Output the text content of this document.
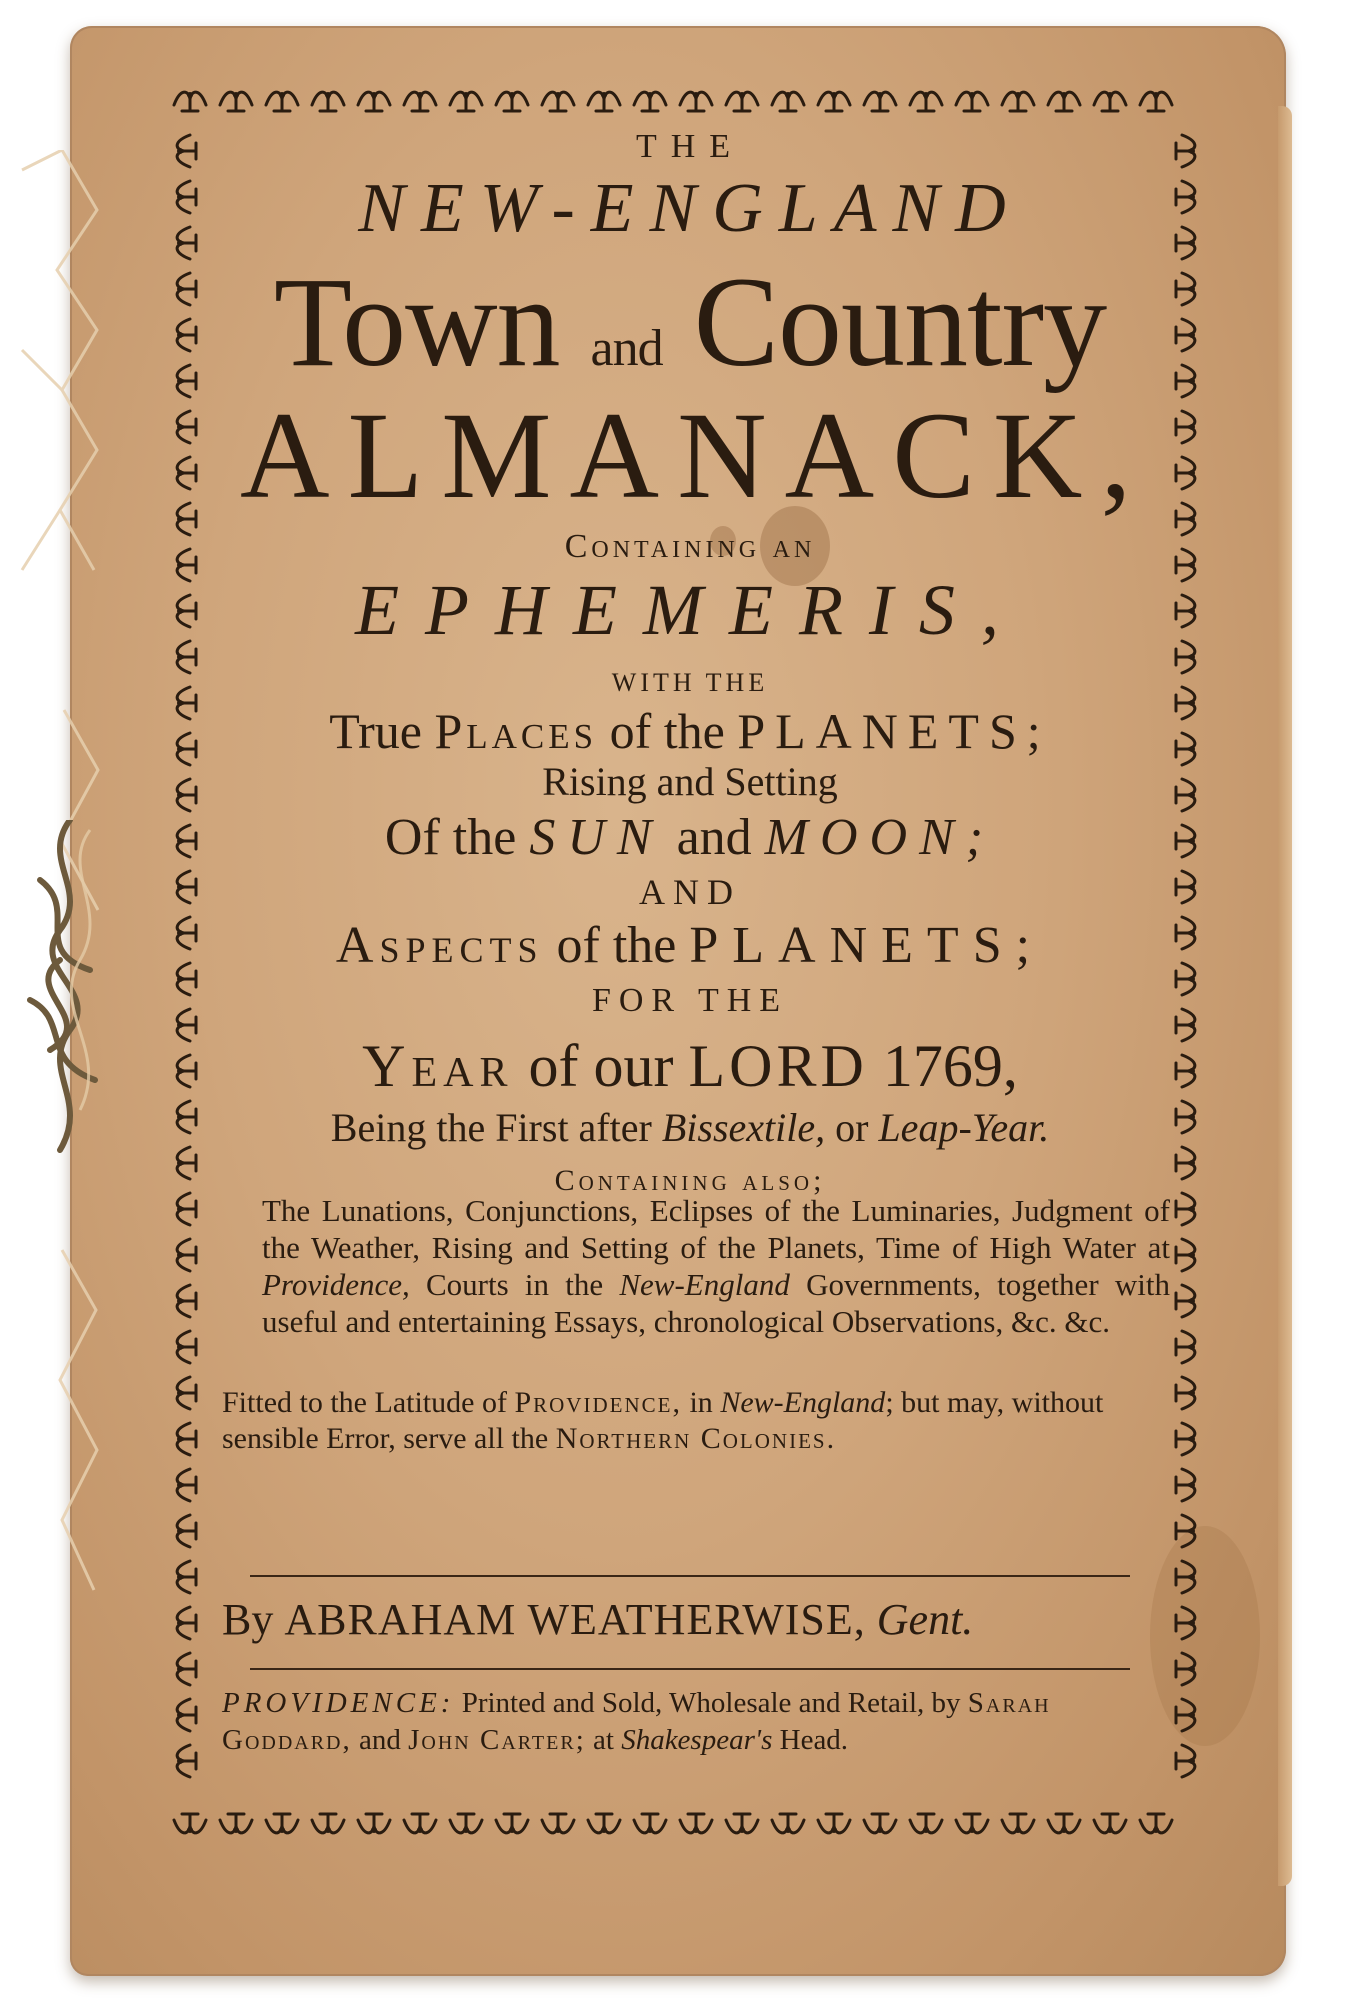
THE
NEW-ENGLAND
Town and Country
ALMANACK,
Containing an
EPHEMERIS,
WITH THE
True Places of the PLANETS;
Rising and Setting
Of the SUN and MOON;
AND
Aspects of the PLANETS;
FOR THE
Year of our LORD 1769,
Being the First after Bissextile, or Leap-Year.
Containing also;
The Lunations, Conjunctions, Eclipses of the Luminaries, Judgment of the Weather, Rising and Setting of the Planets, Time of High Water at Providence, Courts in the New-England Governments, together with useful and entertaining Essays, chronological Observations, &c. &c.
Fitted to the Latitude of Providence, in New-England; but may, without sensible Error, serve all the Northern Colonies.
By ABRAHAM WEATHERWISE, Gent.
PROVIDENCE: Printed and Sold, Wholesale and Retail, by Sarah Goddard, and John Carter; at Shakespear's Head.
